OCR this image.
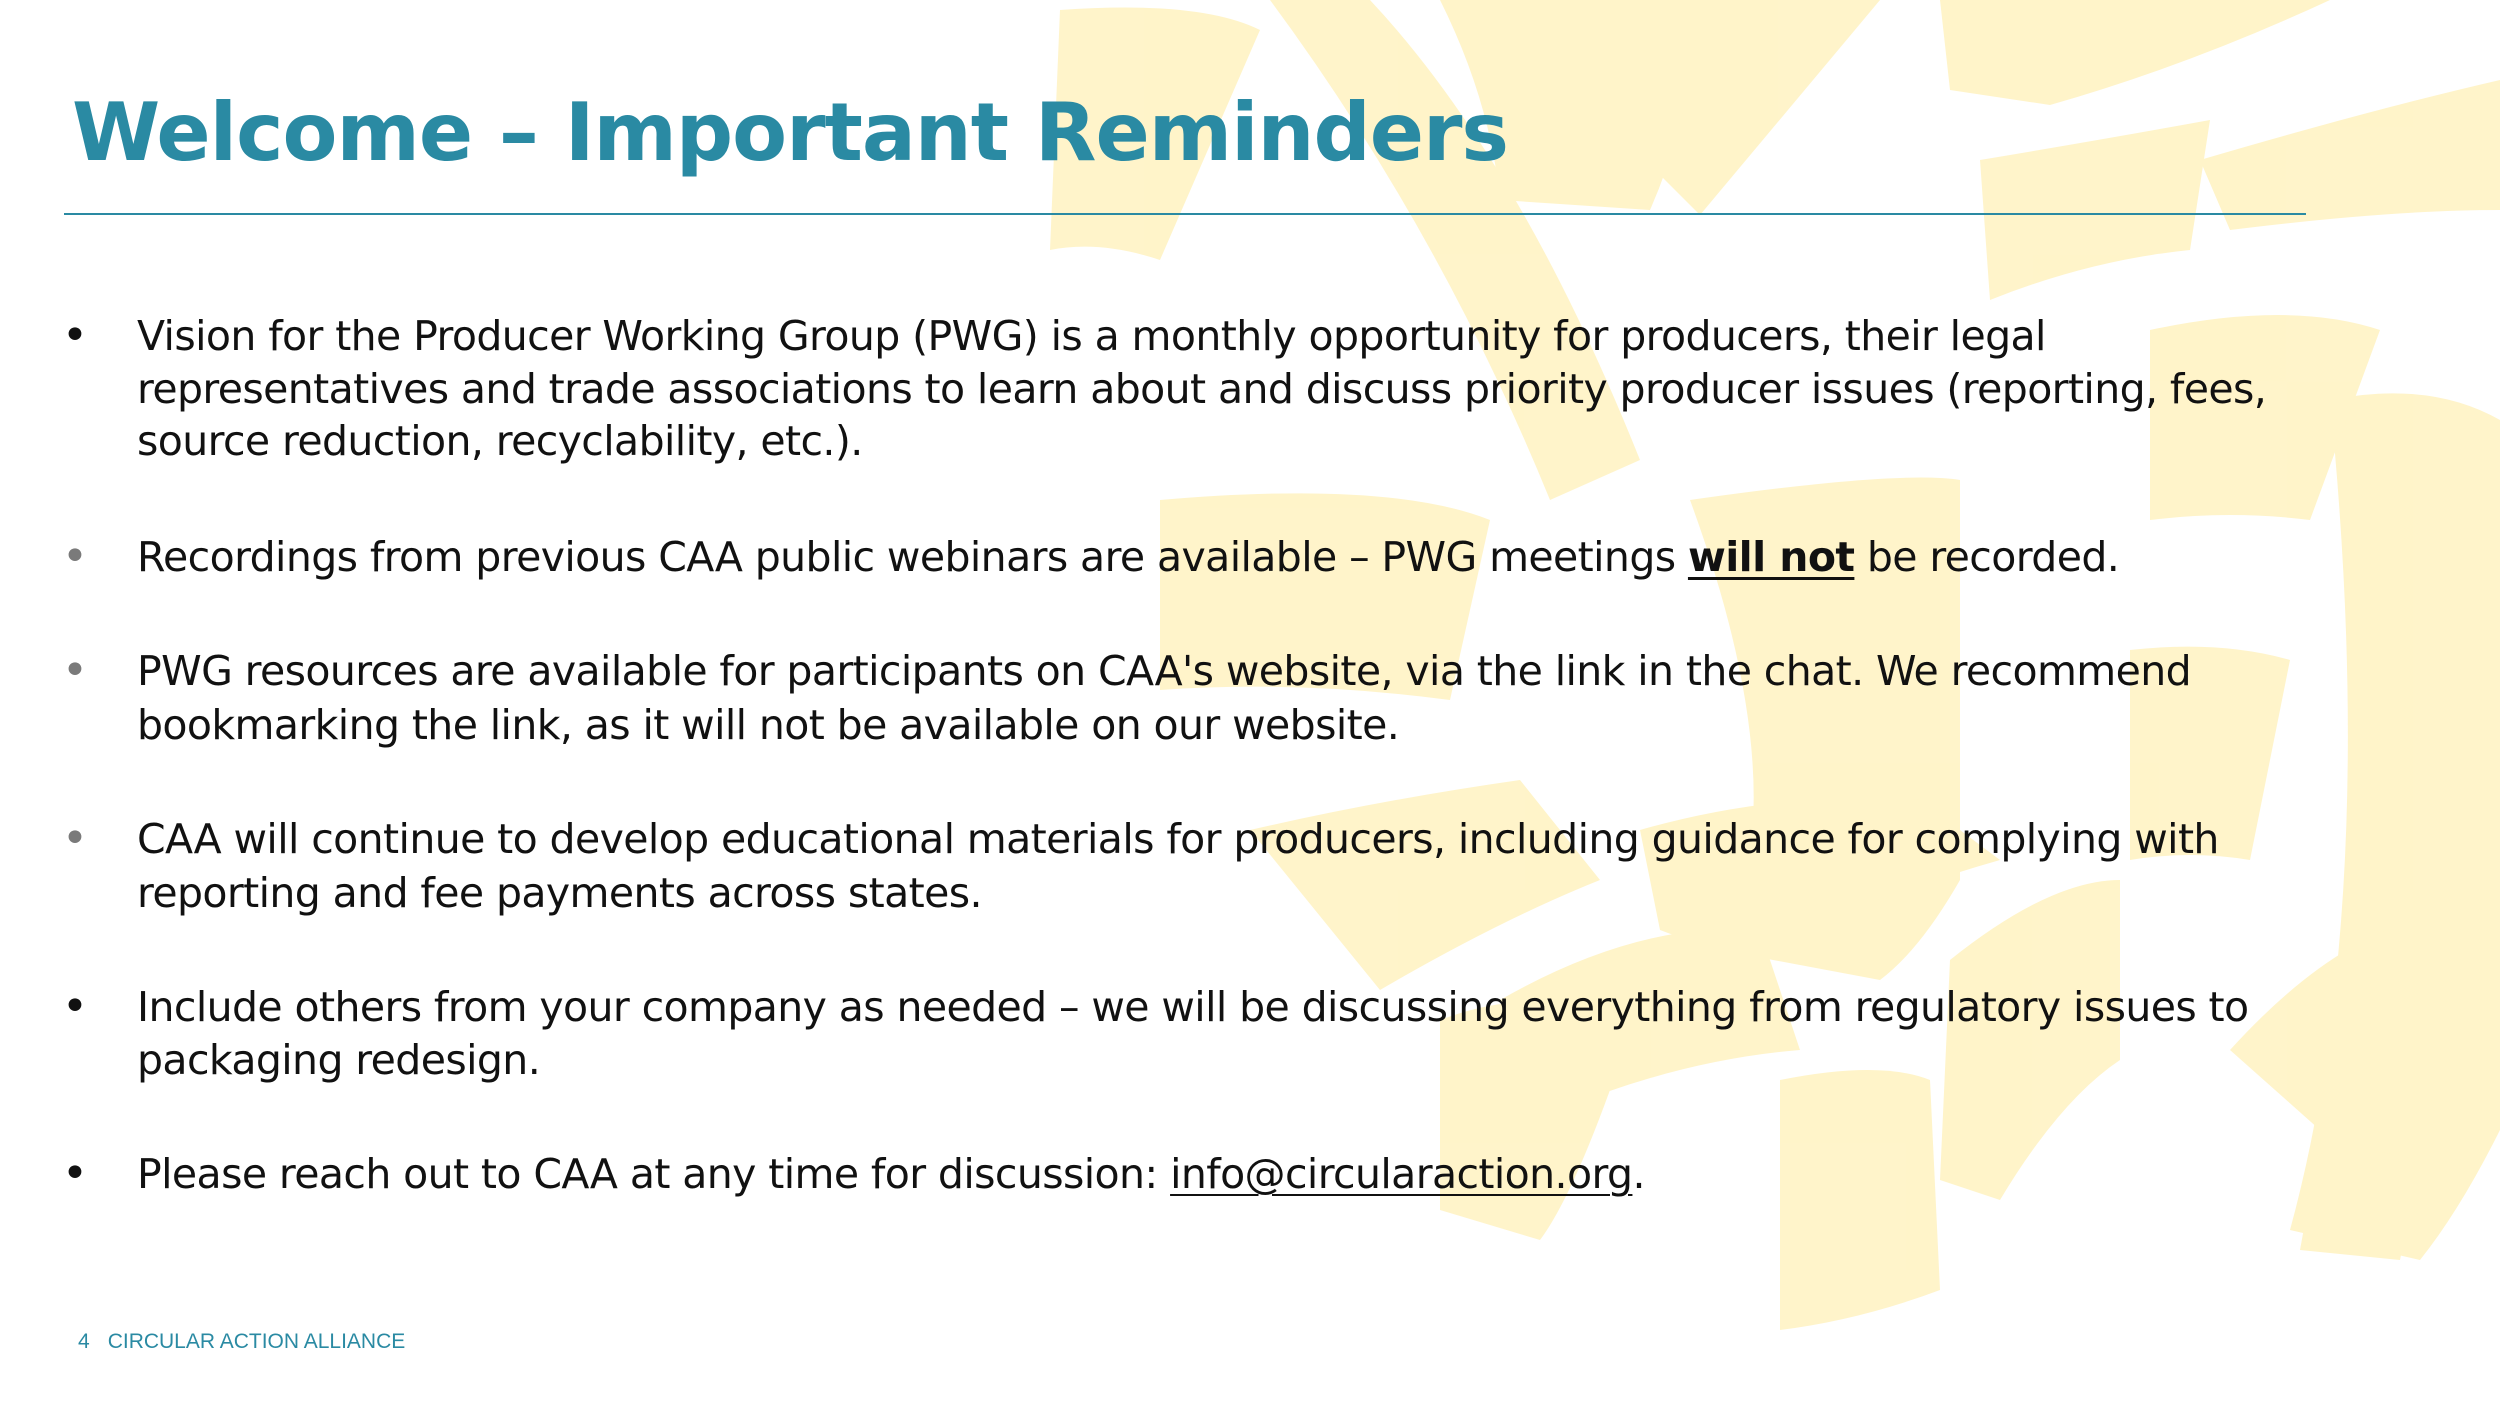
Welcome – Important Reminders
•	Vision for the Producer Working Group (PWG) is a monthly opportunity for producers, their legal representatives and trade associations to learn about and discuss priority producer issues (reporting, fees, source reduction, recyclability, etc.).
•	Recordings from previous CAA public webinars are available – PWG meetings will not be recorded.
•	PWG resources are available for participants on CAA's website, via the link in the chat. We recommend bookmarking the link, as it will not be available on our website.
•	CAA will continue to develop educational materials for producers, including guidance for complying with reporting and fee payments across states.
•	Include others from your company as needed – we will be discussing everything from regulatory issues to packaging redesign.
•	Please reach out to CAA at any time for discussion: info@circularaction.org.
4 CIRCULAR ACTION ALLIANCE
